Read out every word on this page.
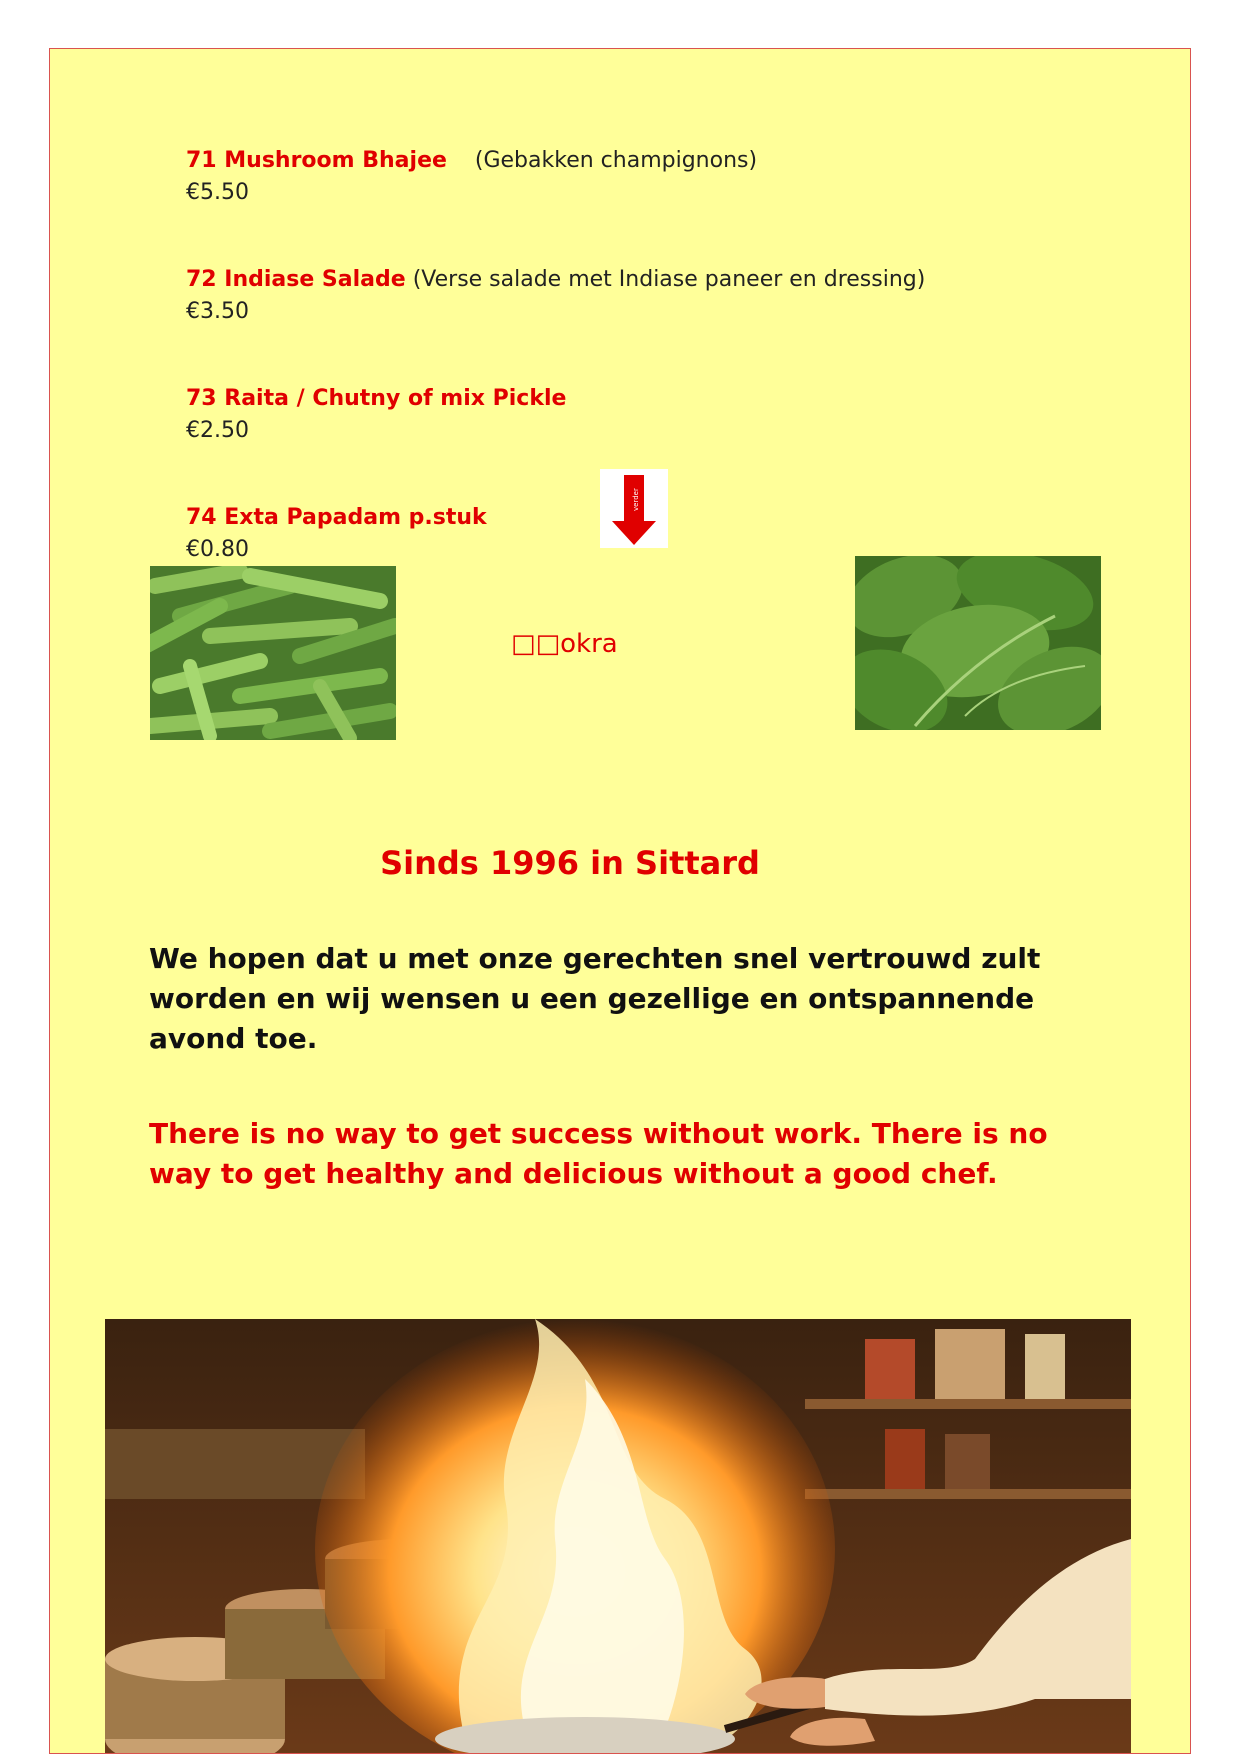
71 Mushroom Bhajee (Gebakken champignons)
€5.50
72 Indiase Salade (Verse salade met Indiase paneer en dressing)
€3.50
73 Raita / Chutny of mix Pickle
€2.50
74 Exta Papadam p.stuk
€0.80
verder
□□okra
Sinds 1996 in Sittard
We hopen dat u met onze gerechten snel vertrouwd zult worden en wij wensen u een gezellige en ontspannende avond toe.
There is no way to get success without work. There is no way to get healthy and delicious without a good chef.
